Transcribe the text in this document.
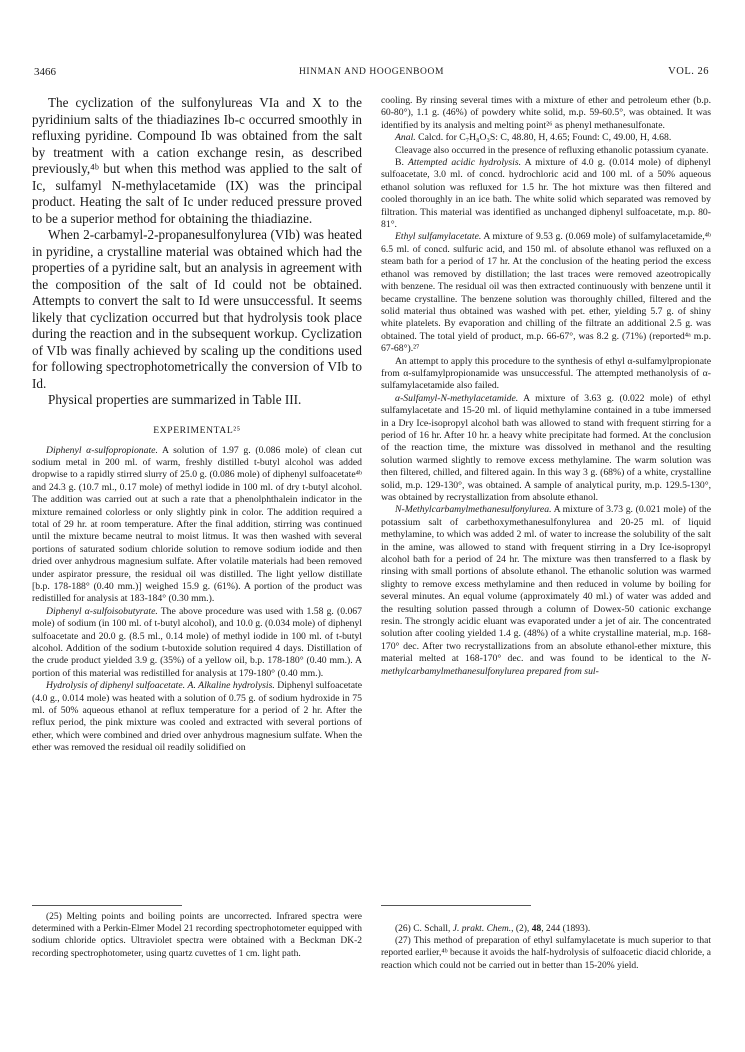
3466	HINMAN AND HOOGENBOOM	VOL. 26

The cyclization of the sulfonylureas VIa and X to the pyridinium salts of the thiadiazines Ib-c occurred smoothly in refluxing pyridine. Compound Ib was obtained from the salt by treatment with a cation exchange resin, as described previously,⁴ᵇ but when this method was applied to the salt of Ic, sulfamyl N-methylacetamide (IX) was the principal product. Heating the salt of Ic under reduced pressure proved to be a superior method for obtaining the thiadiazine.

When 2-carbamyl-2-propanesulfonylurea (VIb) was heated in pyridine, a crystalline material was obtained which had the properties of a pyridine salt, but an analysis in agreement with the composition of the salt of Id could not be obtained. Attempts to convert the salt to Id were unsuccessful. It seems likely that cyclization occurred but that hydrolysis took place during the reaction and in the subsequent workup. Cyclization of VIb was finally achieved by scaling up the conditions used for following spectrophotometrically the conversion of VIb to Id.

Physical properties are summarized in Table III.

EXPERIMENTAL²⁵

Diphenyl α-sulfopropionate. A solution of 1.97 g. (0.086 mole) of clean cut sodium metal in 200 ml. of warm, freshly distilled t-butyl alcohol was added dropwise to a rapidly stirred slurry of 25.0 g. (0.086 mole) of diphenyl sulfoacetate⁴ᵇ and 24.3 g. (10.7 ml., 0.17 mole) of methyl iodide in 100 ml. of dry t-butyl alcohol. The addition was carried out at such a rate that a phenolphthalein indicator in the mixture remained colorless or only slightly pink in color. The addition required a total of 29 hr. at room temperature. After the final addition, stirring was continued until the mixture became neutral to moist litmus. It was then washed with several portions of saturated sodium chloride solution to remove sodium iodide and then dried over anhydrous magnesium sulfate. After volatile materials had been removed under aspirator pressure, the residual oil was distilled. The light yellow distillate [b.p. 178-188° (0.40 mm.)] weighed 15.9 g. (61%). A portion of the product was redistilled for analysis at 183-184° (0.30 mm.).

Diphenyl α-sulfoisobutyrate. The above procedure was used with 1.58 g. (0.067 mole) of sodium (in 100 ml. of t-butyl alcohol), and 10.0 g. (0.034 mole) of diphenyl sulfoacetate and 20.0 g. (8.5 ml., 0.14 mole) of methyl iodide in 100 ml. of t-butyl alcohol. Addition of the sodium t-butoxide solution required 4 days. Distillation of the crude product yielded 3.9 g. (35%) of a yellow oil, b.p. 178-180° (0.40 mm.). A portion of this material was redistilled for analysis at 179-180° (0.40 mm.).

Hydrolysis of diphenyl sulfoacetate. A. Alkaline hydrolysis. Diphenyl sulfoacetate (4.0 g., 0.014 mole) was heated with a solution of 0.75 g. of sodium hydroxide in 75 ml. of 50% aqueous ethanol at reflux temperature for a period of 2 hr. After the reflux period, the pink mixture was cooled and extracted with several portions of ether, which were combined and dried over anhydrous magnesium sulfate. When the ether was removed the residual oil readily solidified on

cooling. By rinsing several times with a mixture of ether and petroleum ether (b.p. 60-80°), 1.1 g. (46%) of powdery white solid, m.p. 59-60.5°, was obtained. It was identified by its analysis and melting point²⁶ as phenyl methanesulfonate.

Anal. Calcd. for C₇H₈O₃S: C, 48.80, H, 4.65; Found: C, 49.00, H, 4.68.

Cleavage also occurred in the presence of refluxing ethanolic potassium cyanate.

B. Attempted acidic hydrolysis. A mixture of 4.0 g. (0.014 mole) of diphenyl sulfoacetate, 3.0 ml. of concd. hydrochloric acid and 100 ml. of a 50% aqueous ethanol solution was refluxed for 1.5 hr. The hot mixture was then filtered and cooled thoroughly in an ice bath. The white solid which separated was removed by filtration. This material was identified as unchanged diphenyl sulfoacetate, m.p. 80-81°.

Ethyl sulfamylacetate. A mixture of 9.53 g. (0.069 mole) of sulfamylacetamide,⁴ᵇ 6.5 ml. of concd. sulfuric acid, and 150 ml. of absolute ethanol was refluxed on a steam bath for a period of 17 hr. At the conclusion of the heating period the excess ethanol was removed by distillation; the last traces were removed azeotropically with benzene. The residual oil was then extracted continuously with benzene until it became crystalline. The benzene solution was thoroughly chilled, filtered and the solid material thus obtained was washed with pet. ether, yielding 5.7 g. of shiny white platelets. By evaporation and chilling of the filtrate an additional 2.5 g. was obtained. The total yield of product, m.p. 66-67°, was 8.2 g. (71%) (reported⁴ᵃ m.p. 67-68°).²⁷

An attempt to apply this procedure to the synthesis of ethyl α-sulfamylpropionate from α-sulfamylpropionamide was unsuccessful. The attempted methanolysis of α-sulfamylacetamide also failed.

α-Sulfamyl-N-methylacetamide. A mixture of 3.63 g. (0.022 mole) of ethyl sulfamylacetate and 15-20 ml. of liquid methylamine contained in a tube immersed in a Dry Ice-isopropyl alcohol bath was allowed to stand with frequent stirring for a period of 16 hr. After 10 hr. a heavy white precipitate had formed. At the conclusion of the reaction time, the mixture was dissolved in methanol and the resulting solution warmed slightly to remove excess methylamine. The warm solution was then filtered, chilled, and filtered again. In this way 3 g. (68%) of a white, crystalline solid, m.p. 129-130°, was obtained. A sample of analytical purity, m.p. 129.5-130°, was obtained by recrystallization from absolute ethanol.

N-Methylcarbamylmethanesulfonylurea. A mixture of 3.73 g. (0.021 mole) of the potassium salt of carbethoxymethanesulfonylurea and 20-25 ml. of liquid methylamine, to which was added 2 ml. of water to increase the solubility of the salt in the amine, was allowed to stand with frequent stirring in a Dry Ice-isopropyl alcohol bath for a period of 24 hr. The mixture was then transferred to a flask by rinsing with small portions of absolute ethanol. The ethanolic solution was warmed slighty to remove excess methylamine and then reduced in volume by boiling for several minutes. An equal volume (approximately 40 ml.) of water was added and the resulting solution passed through a column of Dowex-50 cationic exchange resin. The strongly acidic eluant was evaporated under a jet of air. The concentrated solution after cooling yielded 1.4 g. (48%) of a white crystalline material, m.p. 168-170° dec. After two recrystallizations from an absolute ethanol-ether mixture, this material melted at 168-170° dec. and was found to be identical to the N-methylcarbamylmethanesulfonylurea prepared from sul-

(25) Melting points and boiling points are uncorrected. Infrared spectra were determined with a Perkin-Elmer Model 21 recording spectrophotometer equipped with sodium chloride optics. Ultraviolet spectra were obtained with a Beckman DK-2 recording spectrophotometer, using quartz cuvettes of 1 cm. light path.

(26) C. Schall, J. prakt. Chem., (2), 48, 244 (1893).

(27) This method of preparation of ethyl sulfamylacetate is much superior to that reported earlier,⁴ᵇ because it avoids the half-hydrolysis of sulfoacetic diacid chloride, a reaction which could not be carried out in better than 15-20% yield.
